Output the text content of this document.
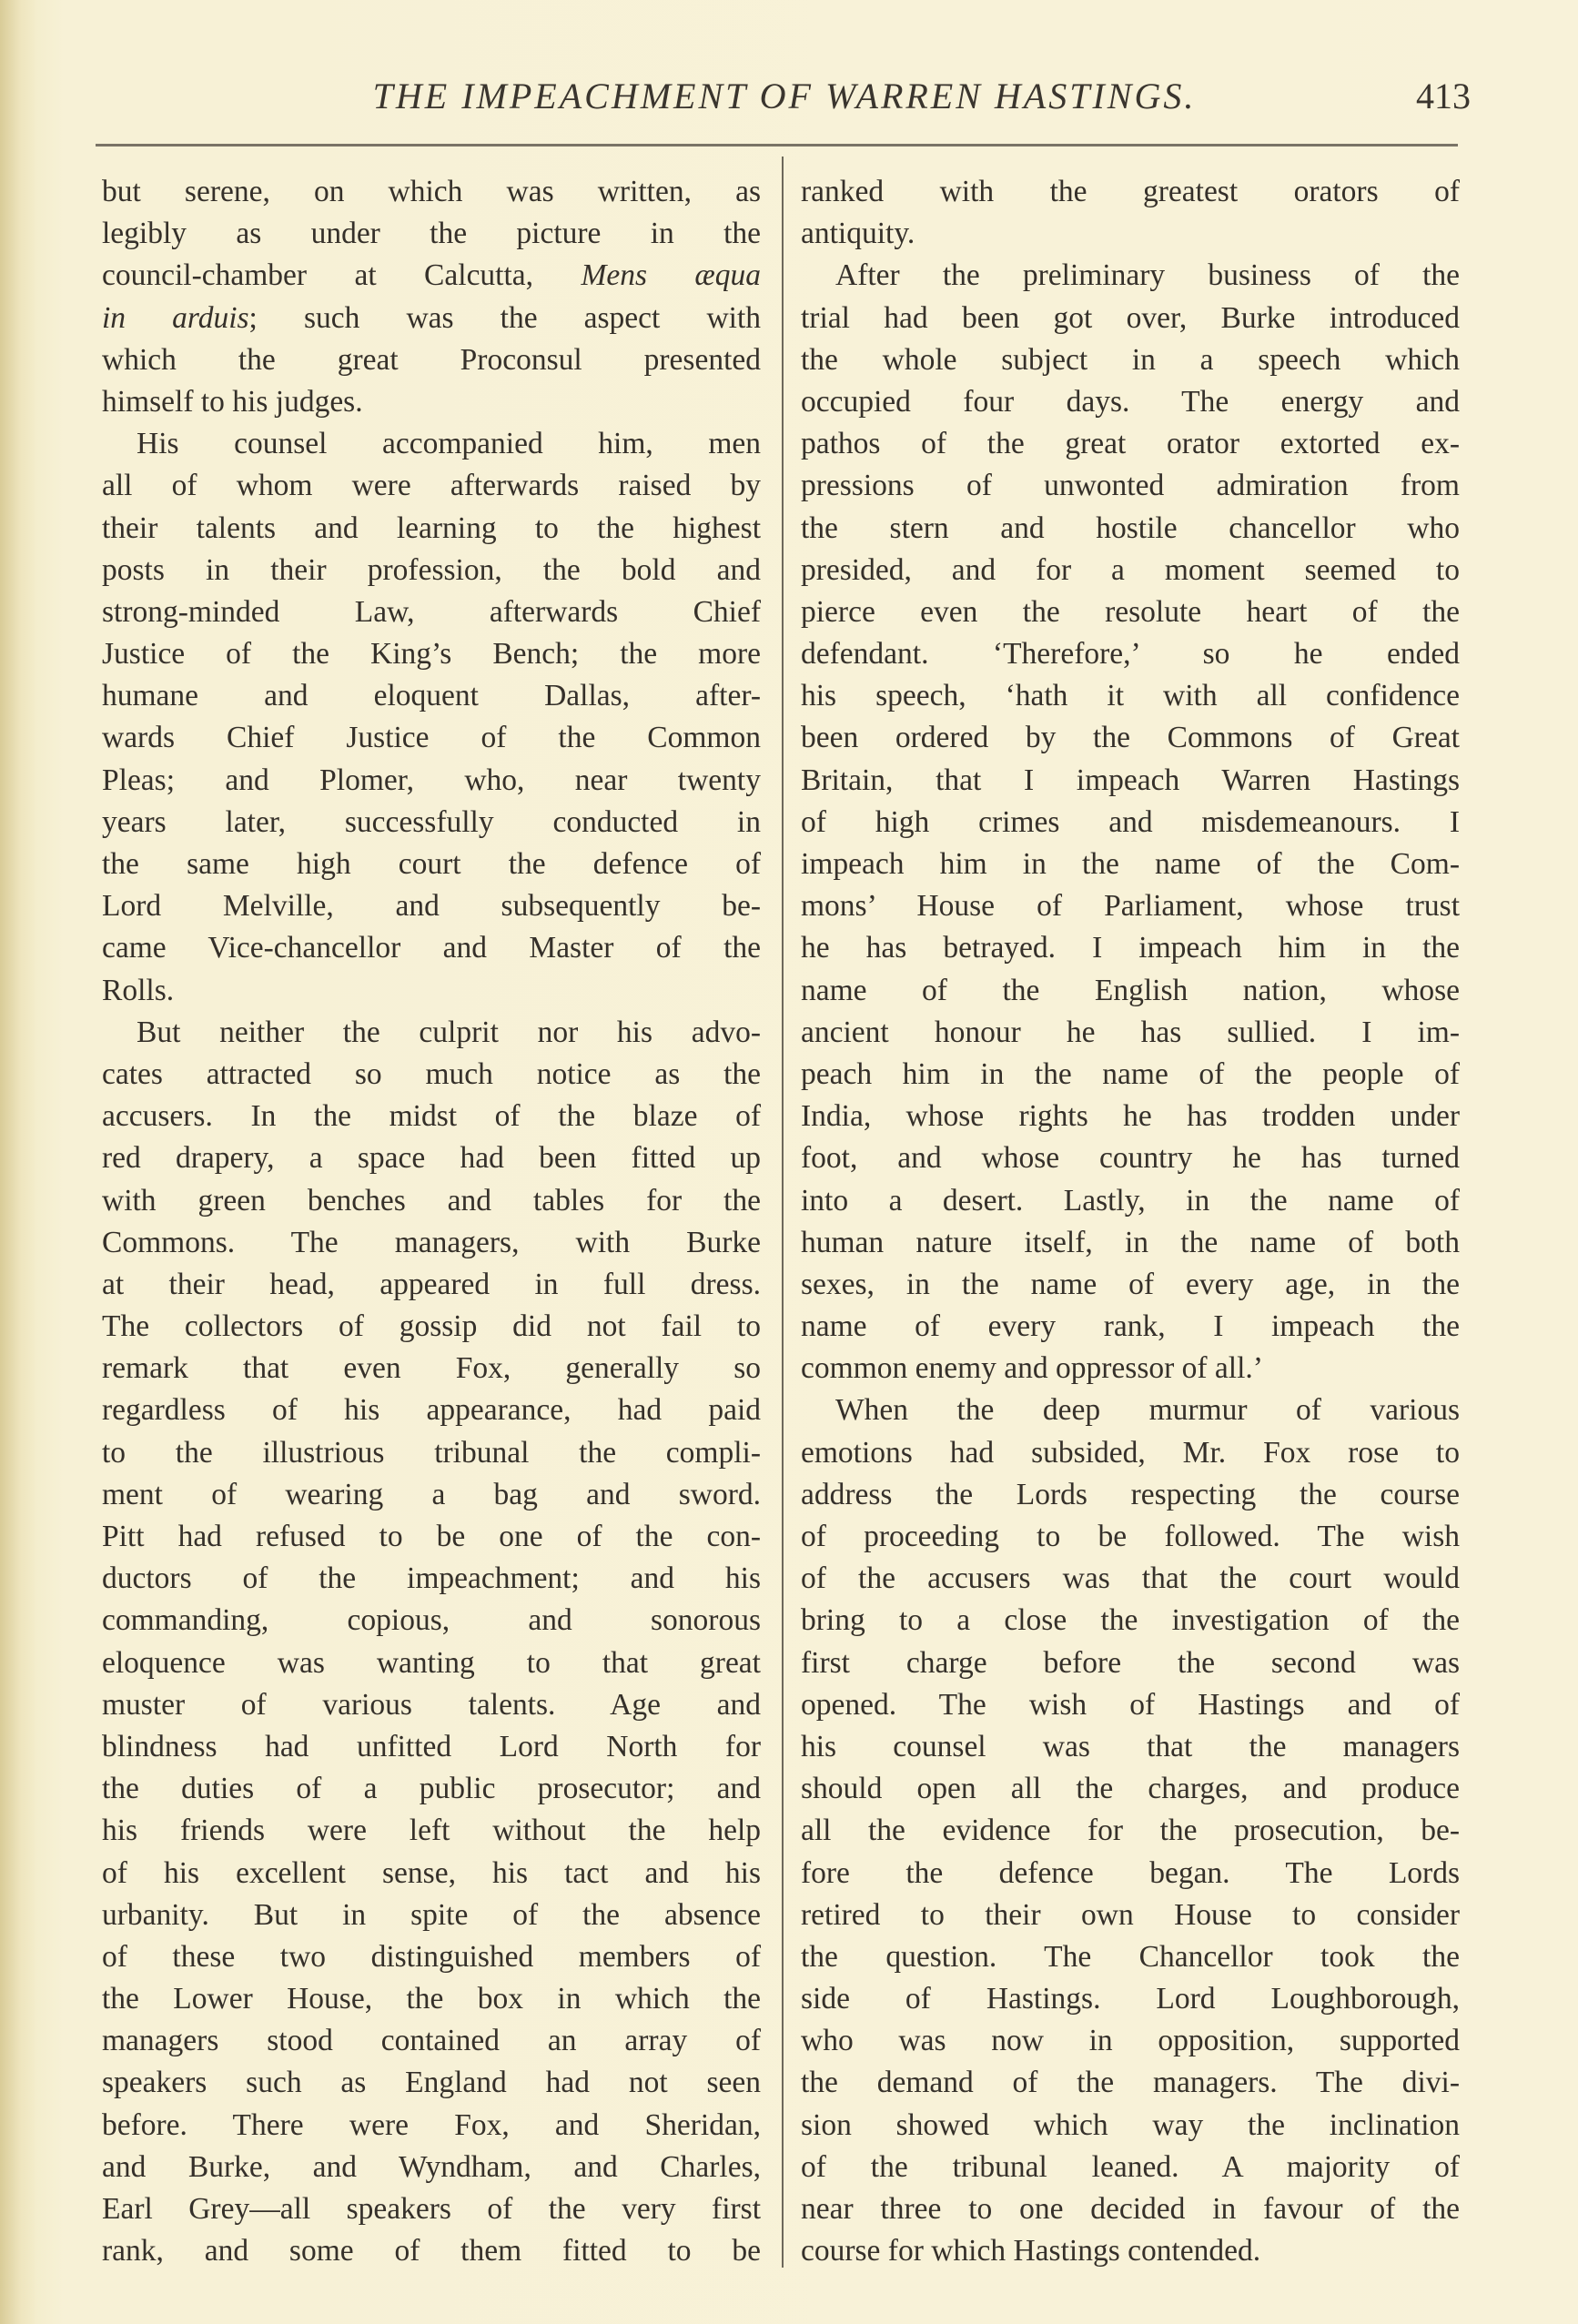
THE IMPEACHMENT OF WARREN HASTINGS.	413
but serene, on which was written, as
legibly as under the picture in the
council-chamber at Calcutta, Mens æqua
in arduis; such was the aspect with
which the great Proconsul presented
himself to his judges.
His counsel accompanied him, men
all of whom were afterwards raised by
their talents and learning to the highest
posts in their profession, the bold and
strong-minded Law, afterwards Chief
Justice of the King’s Bench; the more
humane and eloquent Dallas, after-
wards Chief Justice of the Common
Pleas; and Plomer, who, near twenty
years later, successfully conducted in
the same high court the defence of
Lord Melville, and subsequently be-
came Vice-chancellor and Master of the
Rolls.
But neither the culprit nor his advo-
cates attracted so much notice as the
accusers. In the midst of the blaze of
red drapery, a space had been fitted up
with green benches and tables for the
Commons. The managers, with Burke
at their head, appeared in full dress.
The collectors of gossip did not fail to
remark that even Fox, generally so
regardless of his appearance, had paid
to the illustrious tribunal the compli-
ment of wearing a bag and sword.
Pitt had refused to be one of the con-
ductors of the impeachment; and his
commanding, copious, and sonorous
eloquence was wanting to that great
muster of various talents. Age and
blindness had unfitted Lord North for
the duties of a public prosecutor; and
his friends were left without the help
of his excellent sense, his tact and his
urbanity. But in spite of the absence
of these two distinguished members of
the Lower House, the box in which the
managers stood contained an array of
speakers such as England had not seen
before. There were Fox, and Sheridan,
and Burke, and Wyndham, and Charles,
Earl Grey—all speakers of the very first
rank, and some of them fitted to be
ranked with the greatest orators of
antiquity.
After the preliminary business of the
trial had been got over, Burke introduced
the whole subject in a speech which
occupied four days. The energy and
pathos of the great orator extorted ex-
pressions of unwonted admiration from
the stern and hostile chancellor who
presided, and for a moment seemed to
pierce even the resolute heart of the
defendant. ‘Therefore,’ so he ended
his speech, ‘hath it with all confidence
been ordered by the Commons of Great
Britain, that I impeach Warren Hastings
of high crimes and misdemeanours. I
impeach him in the name of the Com-
mons’ House of Parliament, whose trust
he has betrayed. I impeach him in the
name of the English nation, whose
ancient honour he has sullied. I im-
peach him in the name of the people of
India, whose rights he has trodden under
foot, and whose country he has turned
into a desert. Lastly, in the name of
human nature itself, in the name of both
sexes, in the name of every age, in the
name of every rank, I impeach the
common enemy and oppressor of all.’
When the deep murmur of various
emotions had subsided, Mr. Fox rose to
address the Lords respecting the course
of proceeding to be followed. The wish
of the accusers was that the court would
bring to a close the investigation of the
first charge before the second was
opened. The wish of Hastings and of
his counsel was that the managers
should open all the charges, and produce
all the evidence for the prosecution, be-
fore the defence began. The Lords
retired to their own House to consider
the question. The Chancellor took the
side of Hastings. Lord Loughborough,
who was now in opposition, supported
the demand of the managers. The divi-
sion showed which way the inclination
of the tribunal leaned. A majority of
near three to one decided in favour of the
course for which Hastings contended.
